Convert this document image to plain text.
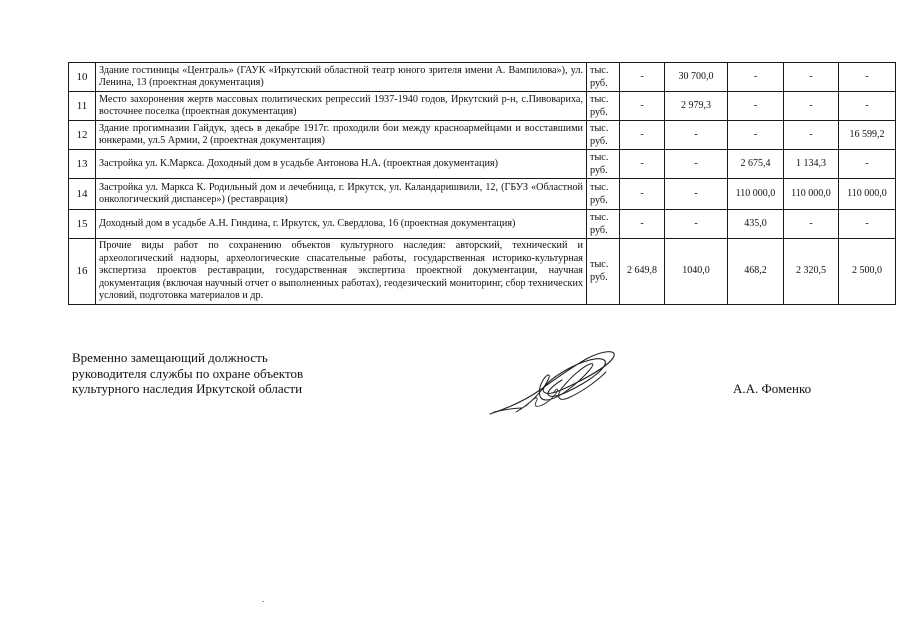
10	Здание гостиницы «Централь» (ГАУК «Иркутский областной театр юного зрителя имени А. Вампилова»), ул. Ленина, 13 (проектная документация)	тыс. руб.	-	30 700,0	-	-	-
11	Место захоронения жертв массовых политических репрессий 1937-1940 годов, Иркутский р-н, с.Пивовариха, восточнее поселка (проектная документация)	тыс. руб.	-	2 979,3	-	-	-
12	Здание прогимназии Гайдук, здесь в декабре 1917г. проходили бои между красноармейцами и восставшими юнкерами, ул.5 Армии, 2 (проектная документация)	тыс. руб.	-	-	-	-	16 599,2
13	Застройка ул. К.Маркса. Доходный дом в усадьбе Антонова Н.А. (проектная документация)	тыс. руб.	-	-	2 675,4	1 134,3	-
14	Застройка ул. Маркса К. Родильный дом и лечебница, г. Иркутск, ул. Каландаришвили, 12, (ГБУЗ «Областной онкологический диспансер») (реставрация)	тыс. руб.	-	-	110 000,0	110 000,0	110 000,0
15	Доходный дом в усадьбе А.Н. Гиндина, г. Иркутск, ул. Свердлова, 16 (проектная документация)	тыс. руб.	-	-	435,0	-	-
16	Прочие виды работ по сохранению объектов культурного наследия: авторский, технический и археологический надзоры, археологические спасательные работы, государственная историко-культурная экспертиза проектов реставрации, государственная экспертиза проектной документации, научная документация (включая научный отчет о выполненных работах), геодезический мониторинг, сбор технических условий, подготовка материалов и др.	тыс. руб.	2 649,8	1040,0	468,2	2 320,5	2 500,0
Временно замещающий должность
руководителя службы по охране объектов
культурного наследия Иркутской области	А.А. Фоменко
